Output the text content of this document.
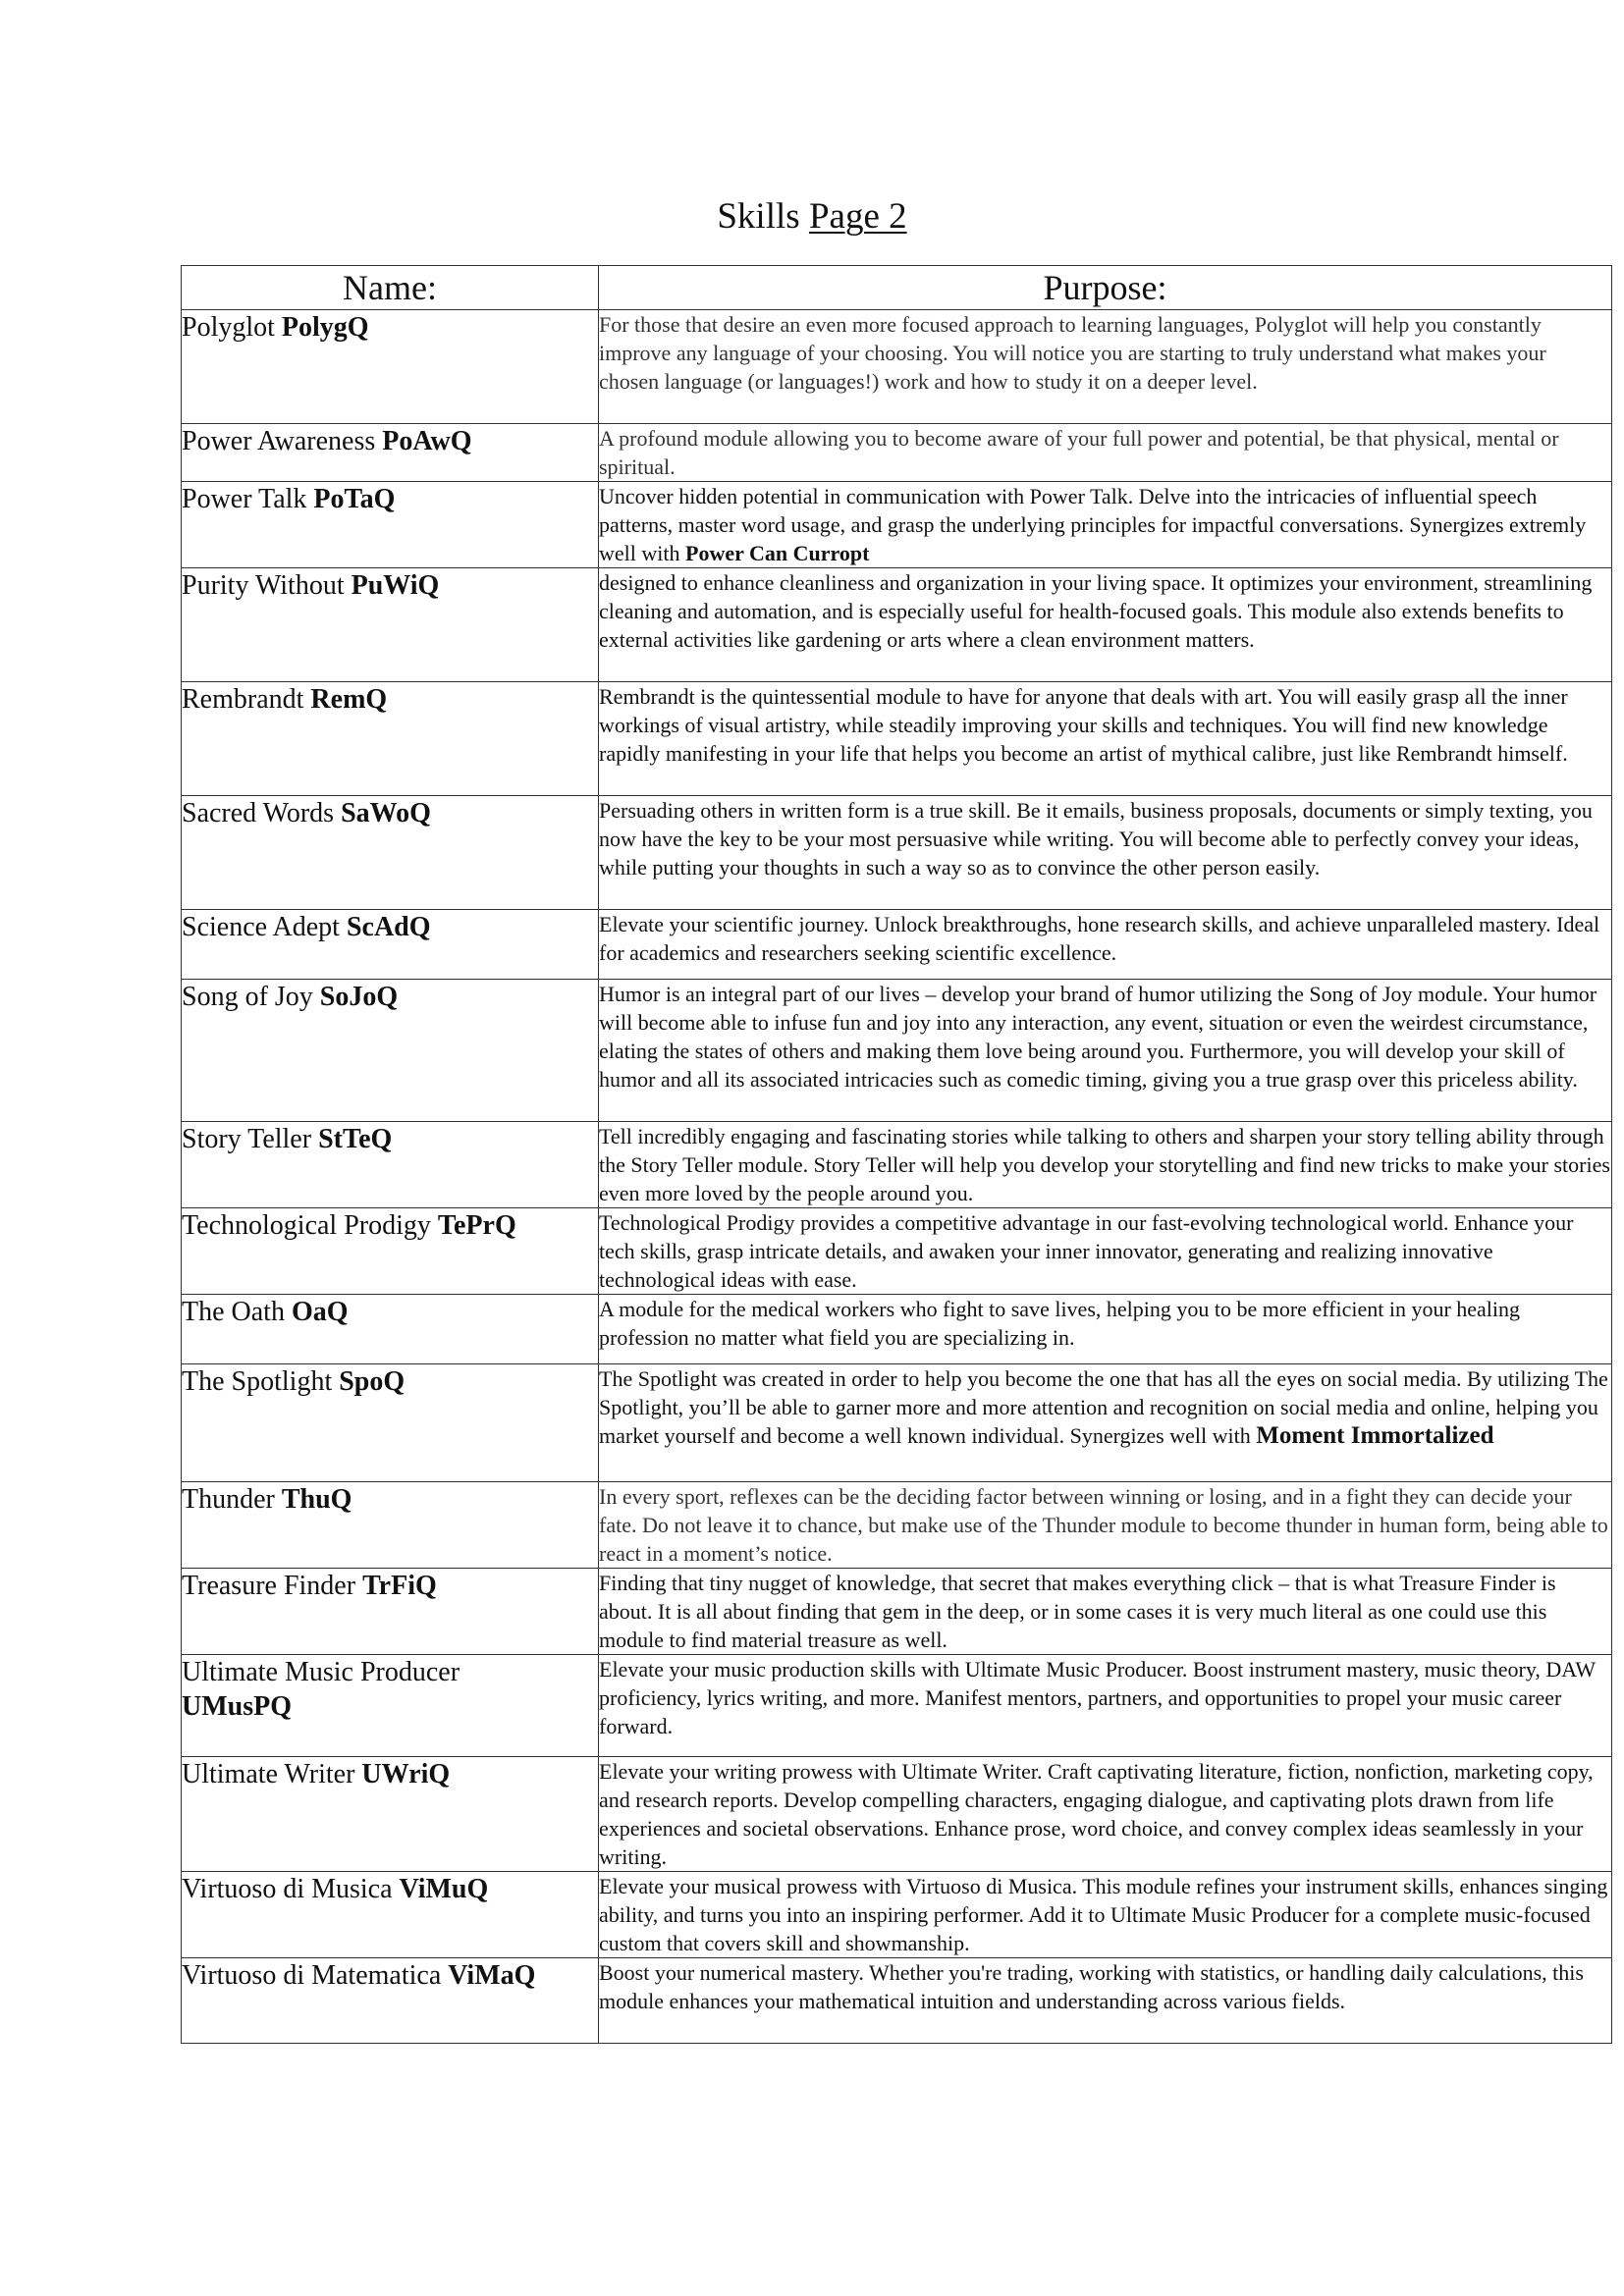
Skills Page 2
Name:	Purpose:
Polyglot PolygQ	For those that desire an even more focused approach to learning languages, Polyglot will help you constantly improve any language of your choosing. You will notice you are starting to truly understand what makes your chosen language (or languages!) work and how to study it on a deeper level.
Power Awareness PoAwQ	A profound module allowing you to become aware of your full power and potential, be that physical, mental or spiritual.
Power Talk PoTaQ	Uncover hidden potential in communication with Power Talk. Delve into the intricacies of influential speech patterns, master word usage, and grasp the underlying principles for impactful conversations. Synergizes extremly well with Power Can Curropt
Purity Without PuWiQ	designed to enhance cleanliness and organization in your living space. It optimizes your environment, streamlining cleaning and automation, and is especially useful for health-focused goals. This module also extends benefits to external activities like gardening or arts where a clean environment matters.
Rembrandt RemQ	Rembrandt is the quintessential module to have for anyone that deals with art. You will easily grasp all the inner workings of visual artistry, while steadily improving your skills and techniques. You will find new knowledge rapidly manifesting in your life that helps you become an artist of mythical calibre, just like Rembrandt himself.
Sacred Words SaWoQ	Persuading others in written form is a true skill. Be it emails, business proposals, documents or simply texting, you now have the key to be your most persuasive while writing. You will become able to perfectly convey your ideas, while putting your thoughts in such a way so as to convince the other person easily.
Science Adept ScAdQ	Elevate your scientific journey. Unlock breakthroughs, hone research skills, and achieve unparalleled mastery. Ideal for academics and researchers seeking scientific excellence.
Song of Joy SoJoQ	Humor is an integral part of our lives – develop your brand of humor utilizing the Song of Joy module. Your humor will become able to infuse fun and joy into any interaction, any event, situation or even the weirdest circumstance, elating the states of others and making them love being around you. Furthermore, you will develop your skill of humor and all its associated intricacies such as comedic timing, giving you a true grasp over this priceless ability.
Story Teller StTeQ	Tell incredibly engaging and fascinating stories while talking to others and sharpen your story telling ability through the Story Teller module. Story Teller will help you develop your storytelling and find new tricks to make your stories even more loved by the people around you.
Technological Prodigy TePrQ	Technological Prodigy provides a competitive advantage in our fast-evolving technological world. Enhance your tech skills, grasp intricate details, and awaken your inner innovator, generating and realizing innovative technological ideas with ease.
The Oath OaQ	A module for the medical workers who fight to save lives, helping you to be more efficient in your healing profession no matter what field you are specializing in.
The Spotlight SpoQ	The Spotlight was created in order to help you become the one that has all the eyes on social media. By utilizing The Spotlight, you’ll be able to garner more and more attention and recognition on social media and online, helping you market yourself and become a well known individual. Synergizes well with Moment Immortalized
Thunder ThuQ	In every sport, reflexes can be the deciding factor between winning or losing, and in a fight they can decide your fate. Do not leave it to chance, but make use of the Thunder module to become thunder in human form, being able to react in a moment’s notice.
Treasure Finder TrFiQ	Finding that tiny nugget of knowledge, that secret that makes everything click – that is what Treasure Finder is about. It is all about finding that gem in the deep, or in some cases it is very much literal as one could use this module to find material treasure as well.
Ultimate Music Producer
UMusPQ	Elevate your music production skills with Ultimate Music Producer. Boost instrument mastery, music theory, DAW proficiency, lyrics writing, and more. Manifest mentors, partners, and opportunities to propel your music career forward.
Ultimate Writer UWriQ	Elevate your writing prowess with Ultimate Writer. Craft captivating literature, fiction, nonfiction, marketing copy, and research reports. Develop compelling characters, engaging dialogue, and captivating plots drawn from life experiences and societal observations. Enhance prose, word choice, and convey complex ideas seamlessly in your writing.
Virtuoso di Musica ViMuQ	Elevate your musical prowess with Virtuoso di Musica. This module refines your instrument skills, enhances singing ability, and turns you into an inspiring performer. Add it to Ultimate Music Producer for a complete music-focused custom that covers skill and showmanship.
Virtuoso di Matematica ViMaQ	Boost your numerical mastery. Whether you're trading, working with statistics, or handling daily calculations, this module enhances your mathematical intuition and understanding across various fields.
